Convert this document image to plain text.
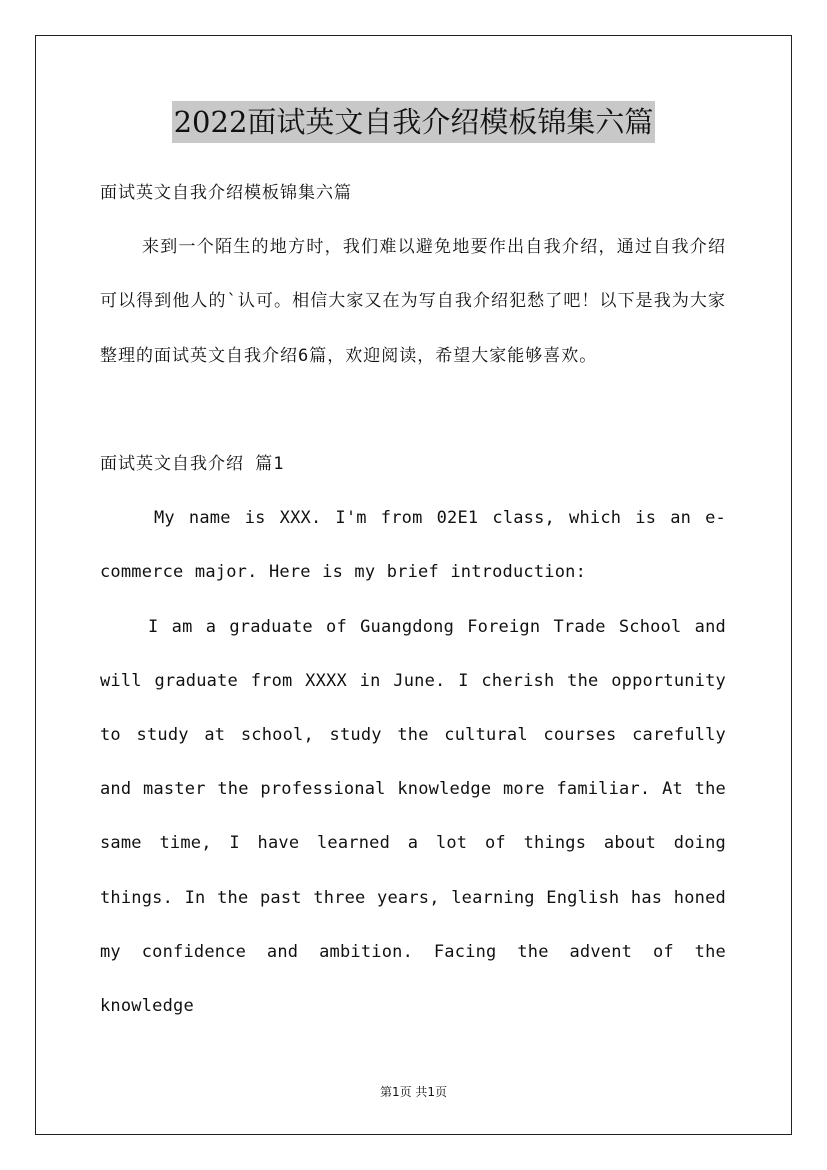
2022面试英文自我介绍模板锦集六篇

面试英文自我介绍模板锦集六篇

来到一个陌生的地方时，我们难以避免地要作出自我介绍，通过自我介绍可以得到他人的`认可。相信大家又在为写自我介绍犯愁了吧！以下是我为大家整理的面试英文自我介绍6篇，欢迎阅读，希望大家能够喜欢。

面试英文自我介绍 篇1

My name is XXX. I'm from 02E1 class, which is an e-commerce major. Here is my brief introduction:

I am a graduate of Guangdong Foreign Trade School and will graduate from XXXX in June. I cherish the opportunity to study at school, study the cultural courses carefully and master the professional knowledge more familiar. At the same time, I have learned a lot of things about doing things. In the past three years, learning English has honed my confidence and ambition. Facing the advent of the knowledge

第1页 共1页
